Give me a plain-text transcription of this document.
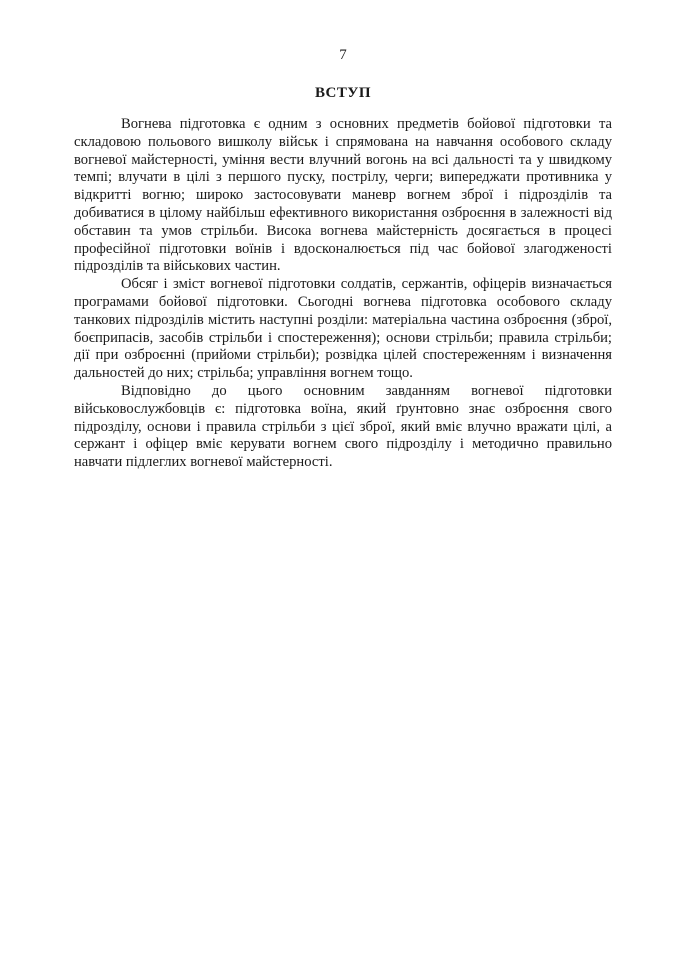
7
ВСТУП

Вогнева підготовка є одним з основних предметів бойової підготовки та складовою польового вишколу військ і спрямована на навчання особового складу вогневої майстерності, уміння вести влучний вогонь на всі дальності та у швидкому темпі; влучати в цілі з першого пуску, пострілу, черги; випереджати противника у відкритті вогню; широко застосовувати маневр вогнем зброї і підрозділів та добиватися в цілому найбільш ефективного використання озброєння в залежності від обставин та умов стрільби. Висока вогнева майстерність досягається в процесі професійної підготовки воїнів і вдосконалюється під час бойової злагодженості підрозділів та військових частин.

Обсяг і зміст вогневої підготовки солдатів, сержантів, офіцерів визначається програмами бойової підготовки. Сьогодні вогнева підготовка особового складу танкових підрозділів містить наступні розділи: матеріальна частина озброєння (зброї, боєприпасів, засобів стрільби і спостереження); основи стрільби; правила стрільби; дії при озброєнні (прийоми стрільби); розвідка цілей спостереженням і визначення дальностей до них; стрільба; управління вогнем тощо.

Відповідно до цього основним завданням вогневої підготовки військовослужбовців є: підготовка воїна, який ґрунтовно знає озброєння свого підрозділу, основи і правила стрільби з цієї зброї, який вміє влучно вражати цілі, а сержант і офіцер вміє керувати вогнем свого підрозділу і методично правильно навчати підлеглих вогневої майстерності.
